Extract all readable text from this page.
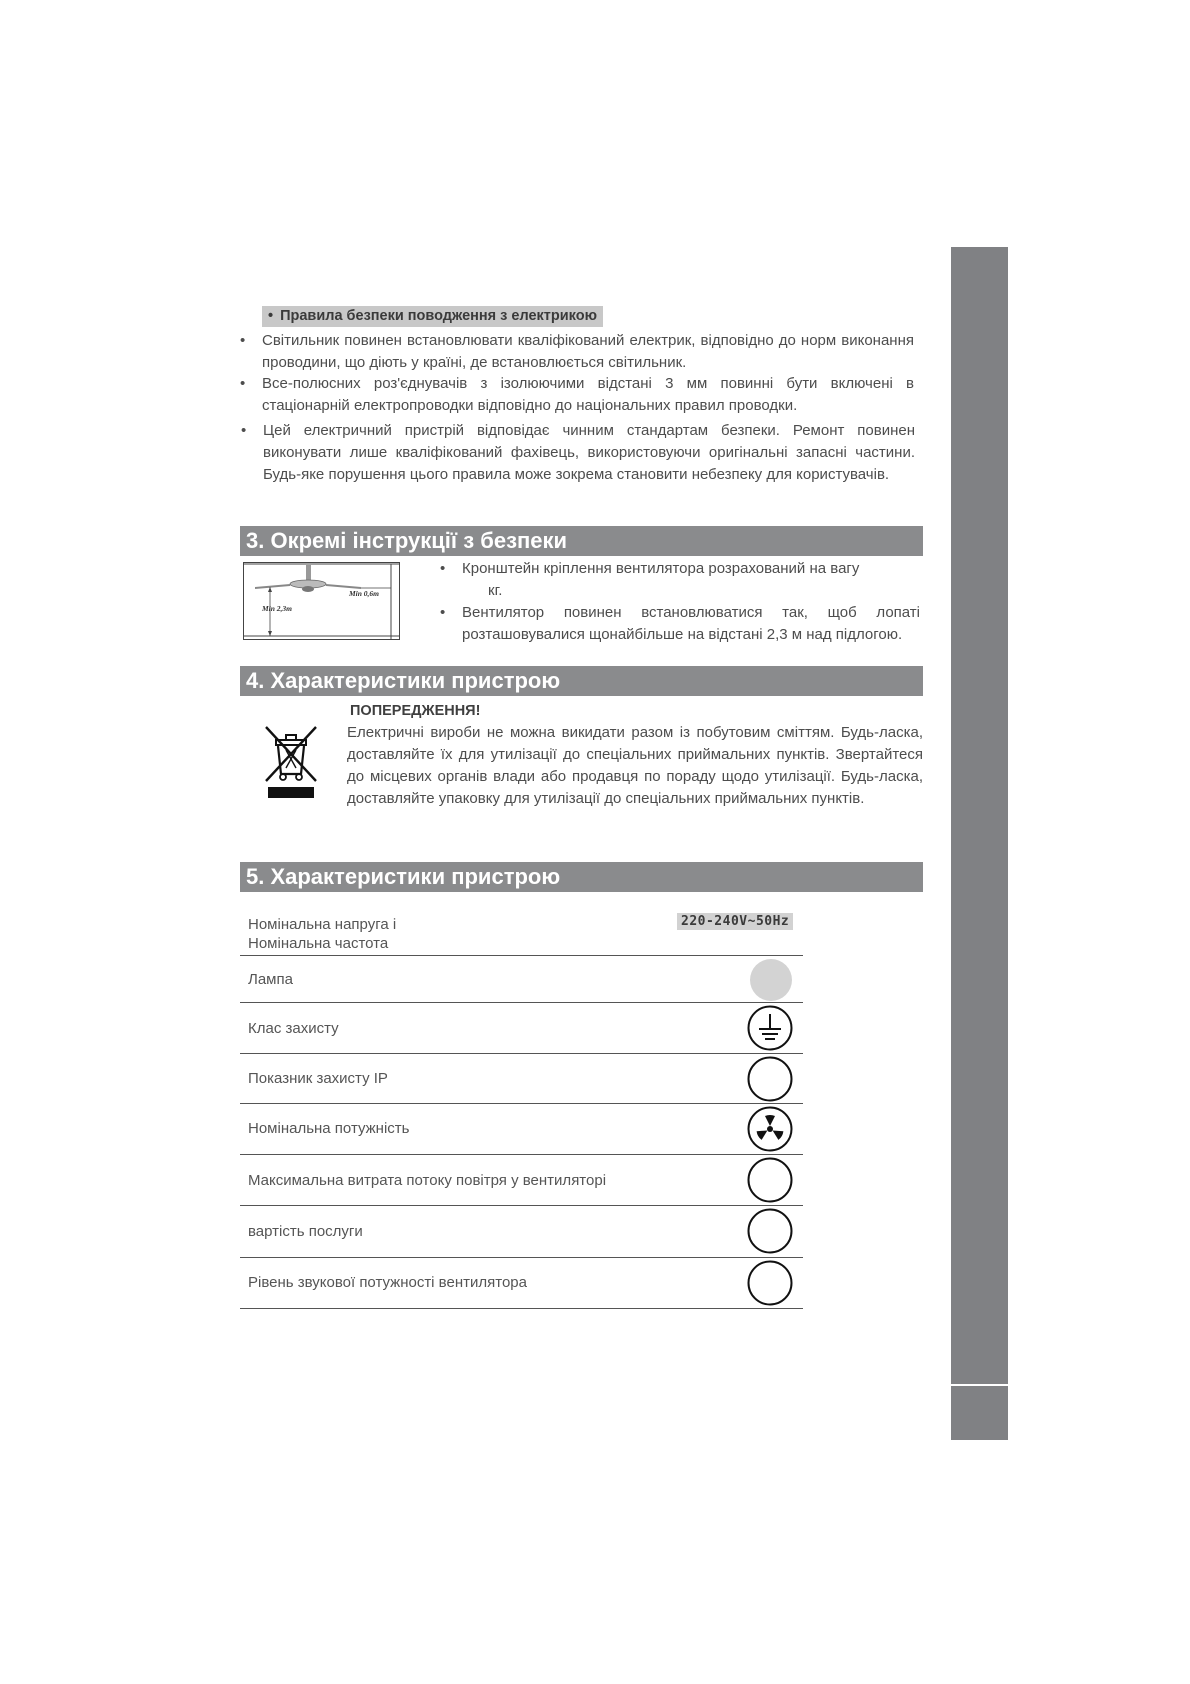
• Правила безпеки поводження з електрикою
• Світильник повинен встановлювати кваліфікований електрик, відповідно до норм виконання проводини, що діють у країні, де встановлюється світильник.
• Все-полюсних роз'єднувачів з ізолюючими відстані 3 мм повинні бути включені в стаціонарній електропроводки відповідно до національних правил проводки.
• Цей електричний пристрій відповідає чинним стандартам безпеки. Ремонт повинен виконувати лише кваліфікований фахівець, використовуючи оригінальні запасні частини. Будь-яке порушення цього правила може зокрема становити небезпеку для користувачів.
3. Окремі інструкції з безпеки
Min 2,3m
Min 0,6m
• Кронштейн кріплення вентилятора розрахований на вагу
кг.
• Вентилятор повинен встановлюватися так, щоб лопаті розташовувалися щонайбільше на відстані 2,3 м над підлогою.
4. Характеристики пристрою
ПОПЕРЕДЖЕННЯ!
Електричні вироби не можна викидати разом із побутовим сміттям. Будь-ласка, доставляйте їх для утилізації до спеціальних приймальних пунктів. Звертайтеся до місцевих органів влади або продавця по пораду щодо утилізації. Будь-ласка, доставляйте упаковку для утилізації до спеціальних приймальних пунктів.
5. Характеристики пристрою
Номінальна напруга і
Номінальна частота
220-240V~50Hz
Лампа
Клас захисту
Показник захисту IP
Номінальна потужність
Максимальна витрата потоку повітря у вентиляторі
вартість послуги
Рівень звукової потужності вентилятора
